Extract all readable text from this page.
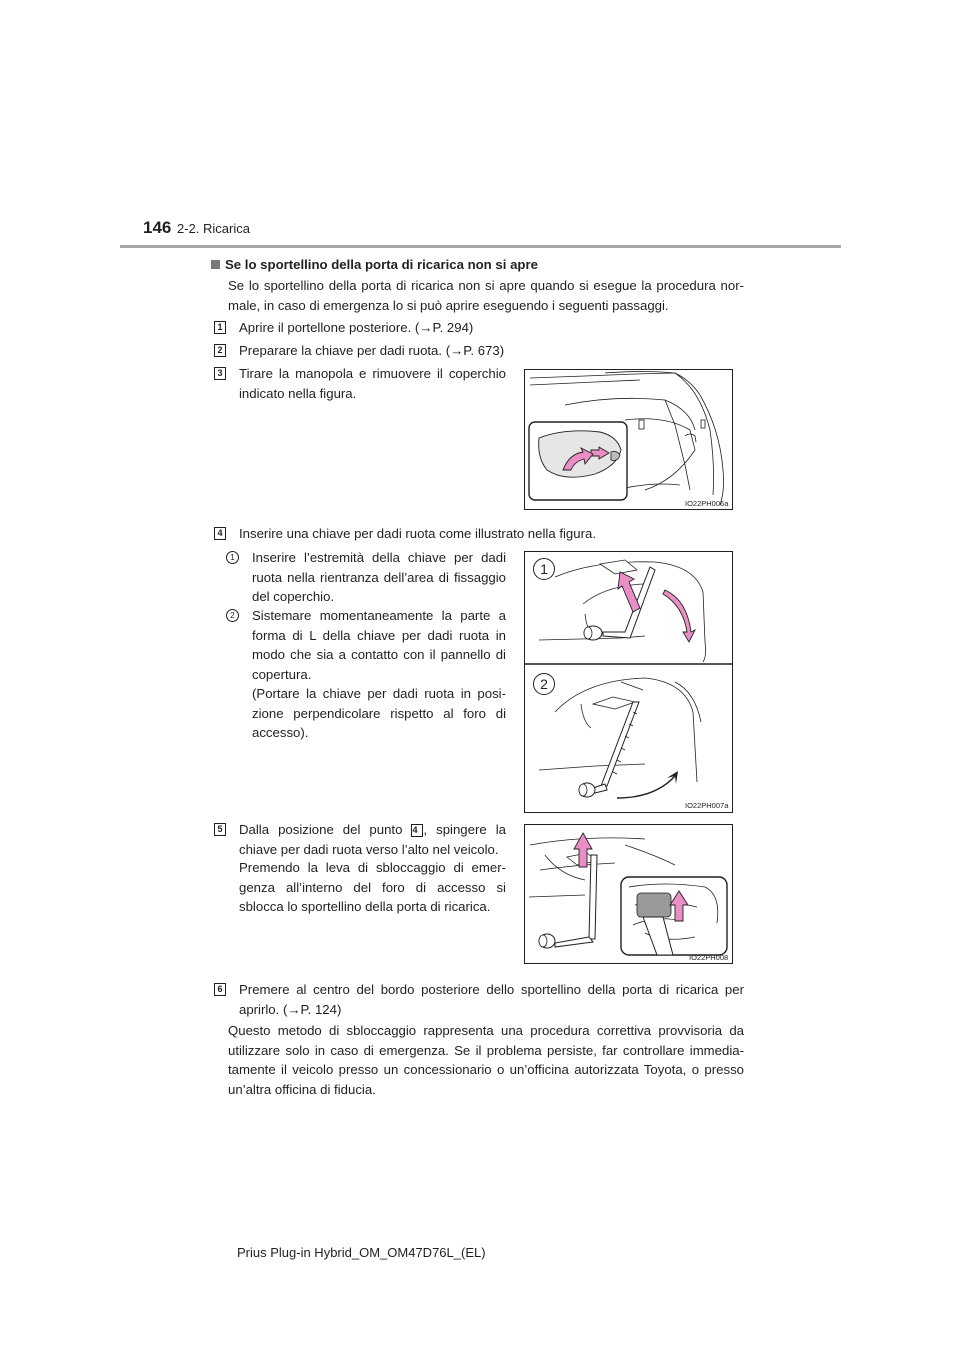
146 2-2. Ricarica
Se lo sportellino della porta di ricarica non si apre

Se lo sportellino della porta di ricarica non si apre quando si esegue la procedura nor-male, in caso di emergenza lo si può aprire eseguendo i seguenti passaggi.

1 Aprire il portellone posteriore. (→P. 294)

2 Preparare la chiave per dadi ruota. (→P. 673)

3 Tirare la manopola e rimuovere il coperchio indicato nella figura.

IO22PH006a
4 Inserire una chiave per dadi ruota come illustrato nella figura.

1	Inserire l’estremità della chiave per dadi ruota nella rientranza dell’area di fissaggio del coperchio.

2	Sistemare momentaneamente la parte a forma di L della chiave per dadi ruota in modo che sia a contatto con il pannello di copertura.

(Portare la chiave per dadi ruota in posi-zione perpendicolare rispetto al foro di accesso).

1
2
IO22PH007a
5 Dalla posizione del punto 4 , spingere la chiave per dadi ruota verso l’alto nel veicolo.

Premendo la leva di sbloccaggio di emer-genza all’interno del foro di accesso si sblocca lo sportellino della porta di ricarica.

IO22PH008
6 Premere al centro del bordo posteriore dello sportellino della porta di ricarica per aprirlo. (→P. 124)

Questo metodo di sbloccaggio rappresenta una procedura correttiva provvisoria da utilizzare solo in caso di emergenza. Se il problema persiste, far controllare immedia-tamente il veicolo presso un concessionario o un’officina autorizzata Toyota, o presso un’altra officina di fiducia.

Prius Plug-in Hybrid_OM_OM47D76L_(EL)
